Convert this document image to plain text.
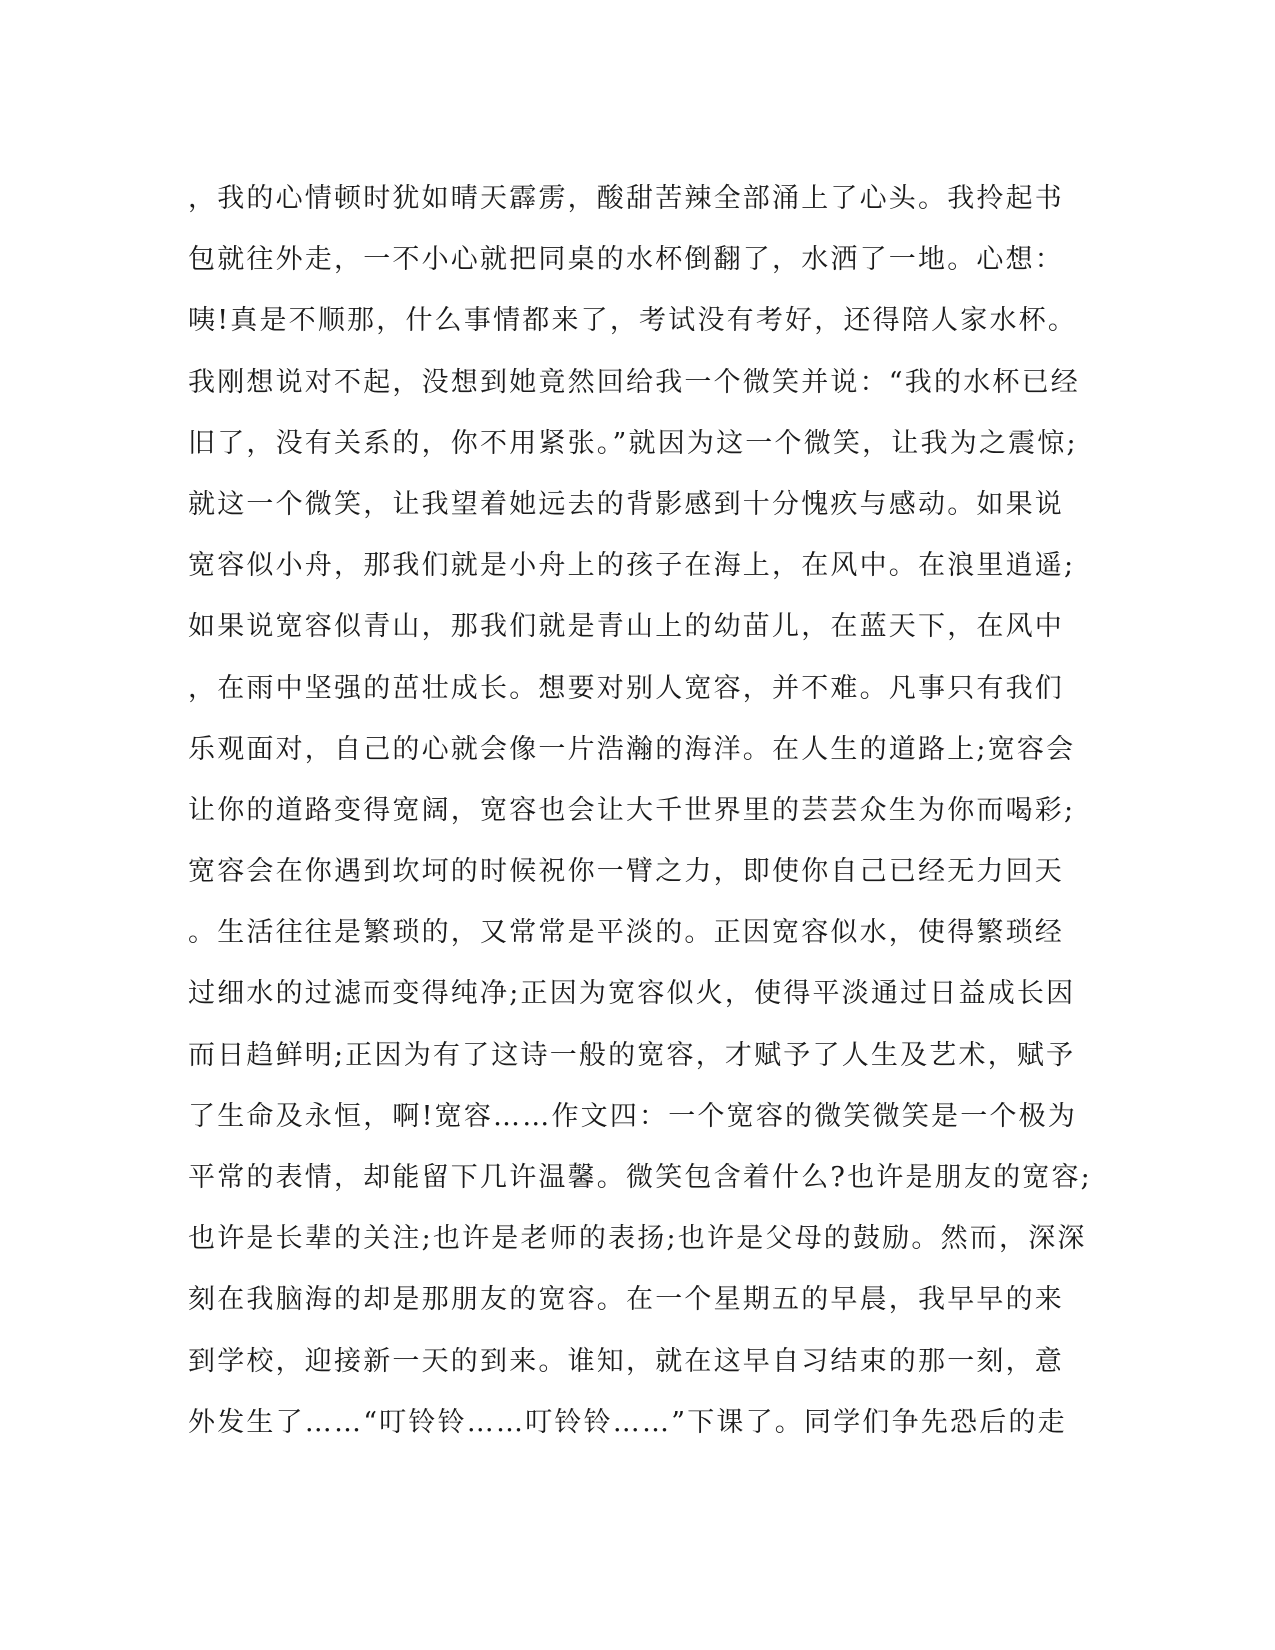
，我的心情顿时犹如晴天霹雳，酸甜苦辣全部涌上了心头。我拎起书
包就往外走，一不小心就把同桌的水杯倒翻了，水洒了一地。心想：
咦!真是不顺那，什么事情都来了，考试没有考好，还得陪人家水杯。
我刚想说对不起，没想到她竟然回给我一个微笑并说：“我的水杯已经
旧了，没有关系的，你不用紧张。”就因为这一个微笑，让我为之震惊;
就这一个微笑，让我望着她远去的背影感到十分愧疚与感动。如果说
宽容似小舟，那我们就是小舟上的孩子在海上，在风中。在浪里逍遥;
如果说宽容似青山，那我们就是青山上的幼苗儿，在蓝天下，在风中
，在雨中坚强的茁壮成长。想要对别人宽容，并不难。凡事只有我们
乐观面对，自己的心就会像一片浩瀚的海洋。在人生的道路上;宽容会
让你的道路变得宽阔，宽容也会让大千世界里的芸芸众生为你而喝彩;
宽容会在你遇到坎坷的时候祝你一臂之力，即使你自己已经无力回天
。生活往往是繁琐的，又常常是平淡的。正因宽容似水，使得繁琐经
过细水的过滤而变得纯净;正因为宽容似火，使得平淡通过日益成长因
而日趋鲜明;正因为有了这诗一般的宽容，才赋予了人生及艺术，赋予
了生命及永恒，啊!宽容……作文四：一个宽容的微笑微笑是一个极为
平常的表情，却能留下几许温馨。微笑包含着什么?也许是朋友的宽容;
也许是长辈的关注;也许是老师的表扬;也许是父母的鼓励。然而，深深
刻在我脑海的却是那朋友的宽容。在一个星期五的早晨，我早早的来
到学校，迎接新一天的到来。谁知，就在这早自习结束的那一刻，意
外发生了……“叮铃铃……叮铃铃……”下课了。同学们争先恐后的走
